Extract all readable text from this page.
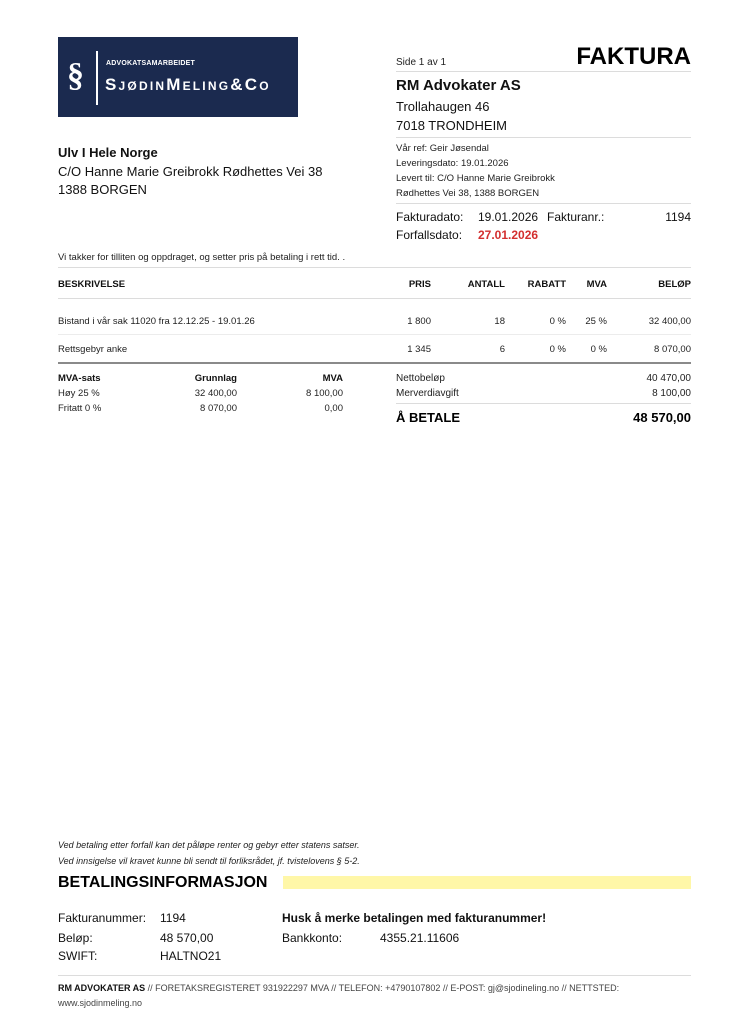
§	ADVOKATSAMARBEIDET
SjødinMeling&Co
Side 1 av 1	FAKTURA
RM Advokater AS
Trollahaugen 46
7018 TRONDHEIM
Vår ref: Geir Jøsendal
Leveringsdato: 19.01.2026
Levert til: C/O Hanne Marie Greibrokk
Rødhettes Vei 38, 1388 BORGEN
Fakturadato: 19.01.2026 Fakturanr.:	1194
Forfallsdato: 27.01.2026
Ulv I Hele Norge
C/O Hanne Marie Greibrokk Rødhettes Vei 38
1388 BORGEN
Vi takker for tilliten og oppdraget, og setter pris på betaling i rett tid. .
BESKRIVELSE	PRIS	ANTALL	RABATT	MVA	BELØP
Bistand i vår sak 11020 fra 12.12.25 - 19.01.26	1 800	18	0 %	25 %	32 400,00
Rettsgebyr anke	1 345	6	0 %	0 %	8 070,00
MVA-sats	Grunnlag	MVA
Høy 25 %	32 400,00	8 100,00
Fritatt 0 %	8 070,00	0,00
Nettobeløp	40 470,00
Merverdiavgift	8 100,00
Å BETALE	48 570,00
Ved betaling etter forfall kan det påløpe renter og gebyr etter statens satser.
Ved innsigelse vil kravet kunne bli sendt til forliksrådet, jf. tvistelovens § 5-2.
BETALINGSINFORMASJON
Fakturanummer: 1194
Beløp:	48 570,00
SWIFT:	HALTNO21
Husk å merke betalingen med fakturanummer!
Bankkonto:	4355.21.11606
RM ADVOKATER AS // FORETAKSREGISTERET 931922297 MVA // TELEFON: +4790107802 // E-POST: gj@sjodineling.no // NETTSTED:
www.sjodinmeling.no
